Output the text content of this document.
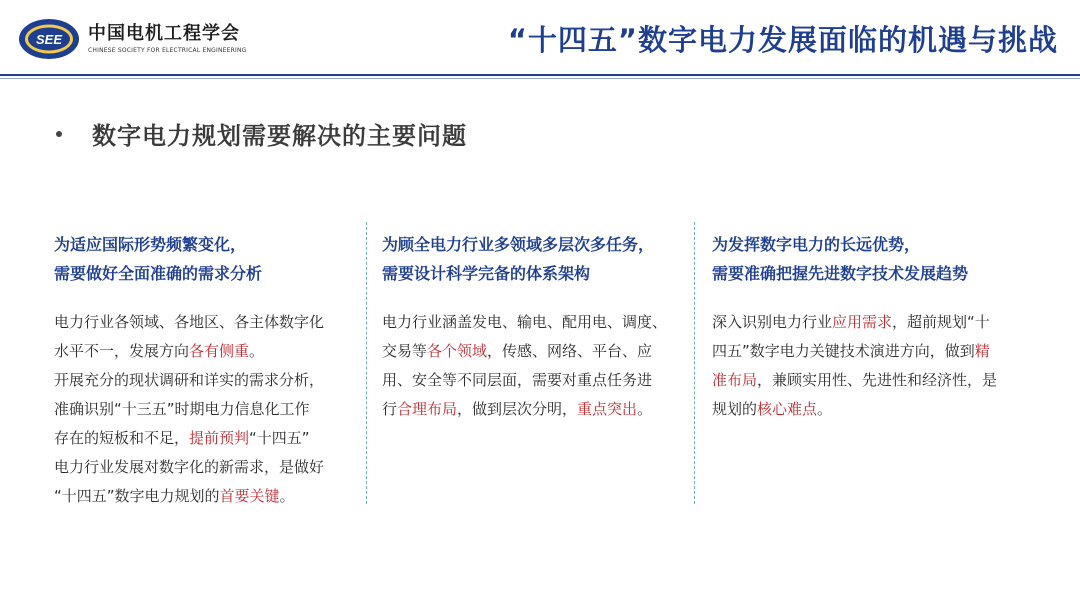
SEE 中国电机工程学会
CHINESE SOCIETY FOR ELECTRICAL ENGINEERING	“十四五”数字电力发展面临的机遇与挑战
数字电力规划需要解决的主要问题
为适应国际形势频繁变化，
需要做好全面准确的需求分析
电力行业各领域、各地区、各主体数字化
水平不一，发展方向各有侧重。
开展充分的现状调研和详实的需求分析，
准确识别“十三五”时期电力信息化工作
存在的短板和不足，提前预判“十四五”
电力行业发展对数字化的新需求，是做好
“十四五”数字电力规划的首要关键。
为顾全电力行业多领域多层次多任务，
需要设计科学完备的体系架构
电力行业涵盖发电、输电、配用电、调度、
交易等各个领域，传感、网络、平台、应
用、安全等不同层面，需要对重点任务进
行合理布局，做到层次分明，重点突出。
为发挥数字电力的长远优势，
需要准确把握先进数字技术发展趋势
深入识别电力行业应用需求，超前规划“十
四五”数字电力关键技术演进方向，做到精
准布局，兼顾实用性、先进性和经济性，是
规划的核心难点。
